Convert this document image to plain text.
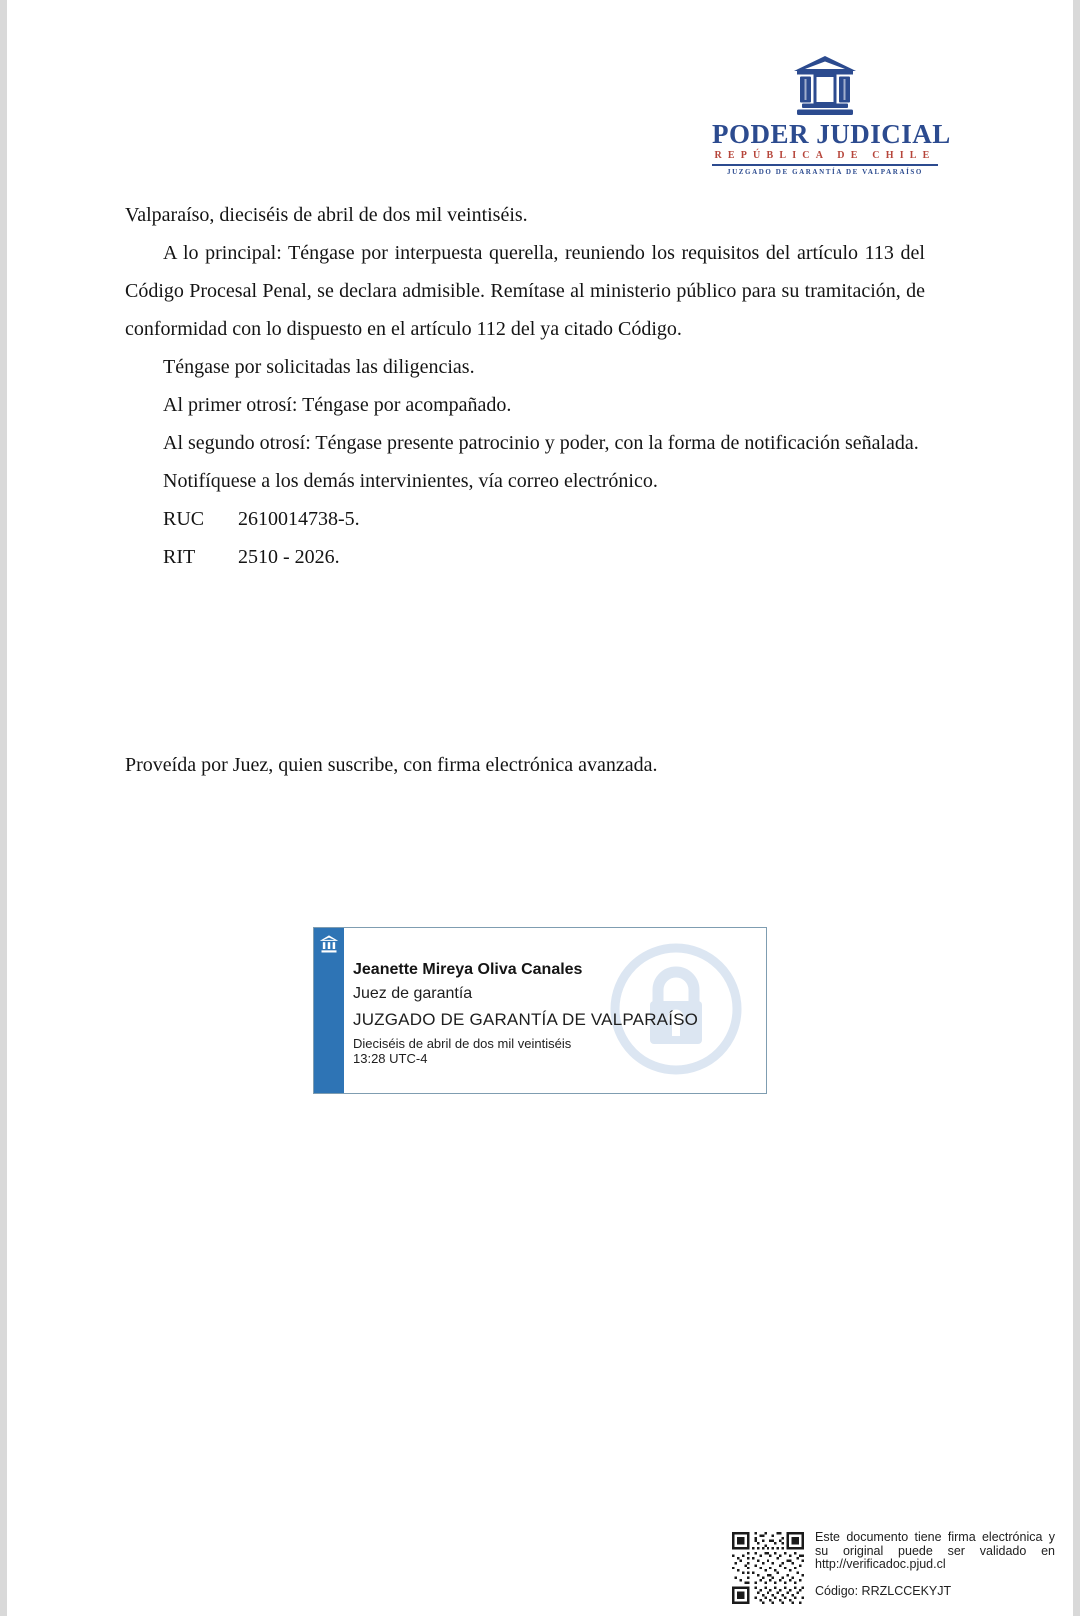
PODER JUDICIAL
REPÚBLICA DE CHILE
JUZGADO DE GARANTÍA DE VALPARAÍSO

Valparaíso, dieciséis de abril de dos mil veintiséis.

A lo principal: Téngase por interpuesta querella, reuniendo los requisitos del artículo 113 del Código Procesal Penal, se declara admisible. Remítase al ministerio público para su tramitación, de conformidad con lo dispuesto en el artículo 112 del ya citado Código.

Téngase por solicitadas las diligencias.

Al primer otrosí: Téngase por acompañado.

Al segundo otrosí: Téngase presente patrocinio y poder, con la forma de notificación señalada.

Notifíquese a los demás intervinientes, vía correo electrónico.

RUC 2610014738-5.

RIT 2510 - 2026.

Proveída por Juez, quien suscribe, con firma electrónica avanzada.
Jeanette Mireya Oliva Canales
Juez de garantía
JUZGADO DE GARANTÍA DE VALPARAÍSO
Dieciséis de abril de dos mil veintiséis
13:28 UTC-4
Este documento tiene firma electrónica y su original puede ser validado en http://verificadoc.pjud.cl
Código: RRZLCCEKYJT
